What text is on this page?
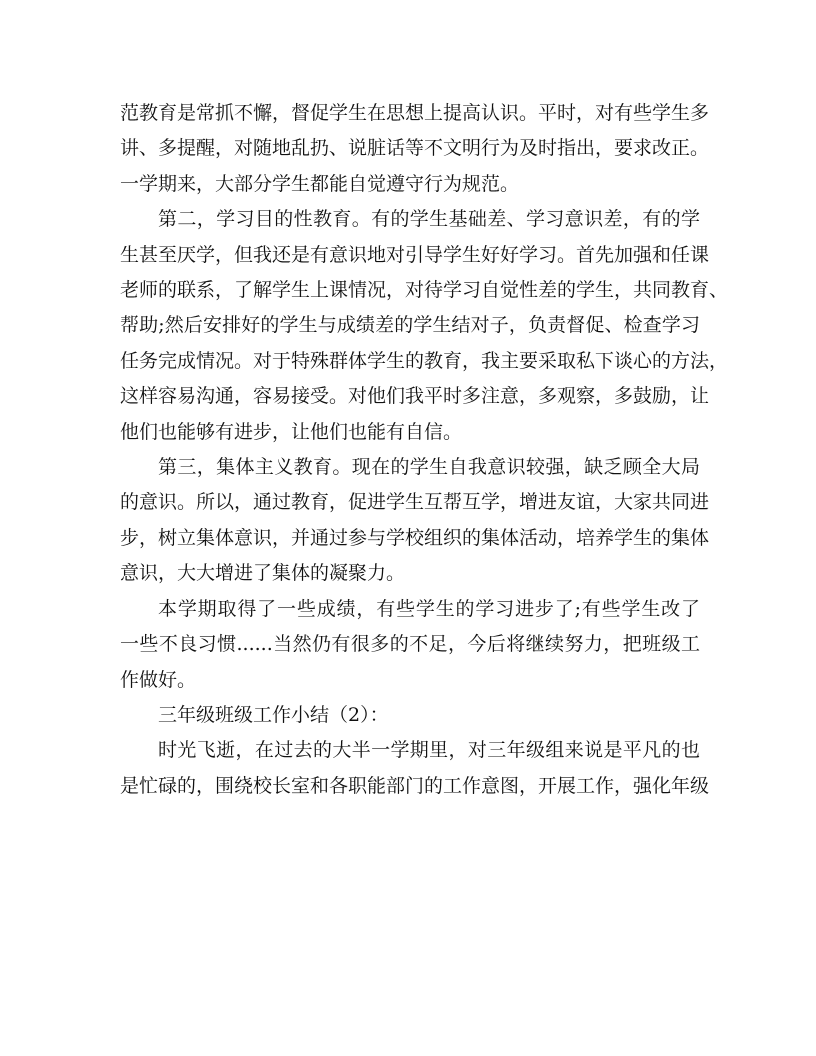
范教育是常抓不懈，督促学生在思想上提高认识。平时，对有些学生多
讲、多提醒，对随地乱扔、说脏话等不文明行为及时指出，要求改正。
一学期来，大部分学生都能自觉遵守行为规范。
第二，学习目的性教育。有的学生基础差、学习意识差，有的学
生甚至厌学，但我还是有意识地对引导学生好好学习。首先加强和任课
老师的联系，了解学生上课情况，对待学习自觉性差的学生，共同教育、
帮助;然后安排好的学生与成绩差的学生结对子，负责督促、检查学习
任务完成情况。对于特殊群体学生的教育，我主要采取私下谈心的方法，
这样容易沟通，容易接受。对他们我平时多注意，多观察，多鼓励，让
他们也能够有进步，让他们也能有自信。
第三，集体主义教育。现在的学生自我意识较强，缺乏顾全大局
的意识。所以，通过教育，促进学生互帮互学，增进友谊，大家共同进
步，树立集体意识，并通过参与学校组织的集体活动，培养学生的集体
意识，大大增进了集体的凝聚力。
本学期取得了一些成绩，有些学生的学习进步了;有些学生改了
一些不良习惯......当然仍有很多的不足，今后将继续努力，把班级工
作做好。
三年级班级工作小结（2）：
时光飞逝，在过去的大半一学期里，对三年级组来说是平凡的也
是忙碌的，围绕校长室和各职能部门的工作意图，开展工作，强化年级
